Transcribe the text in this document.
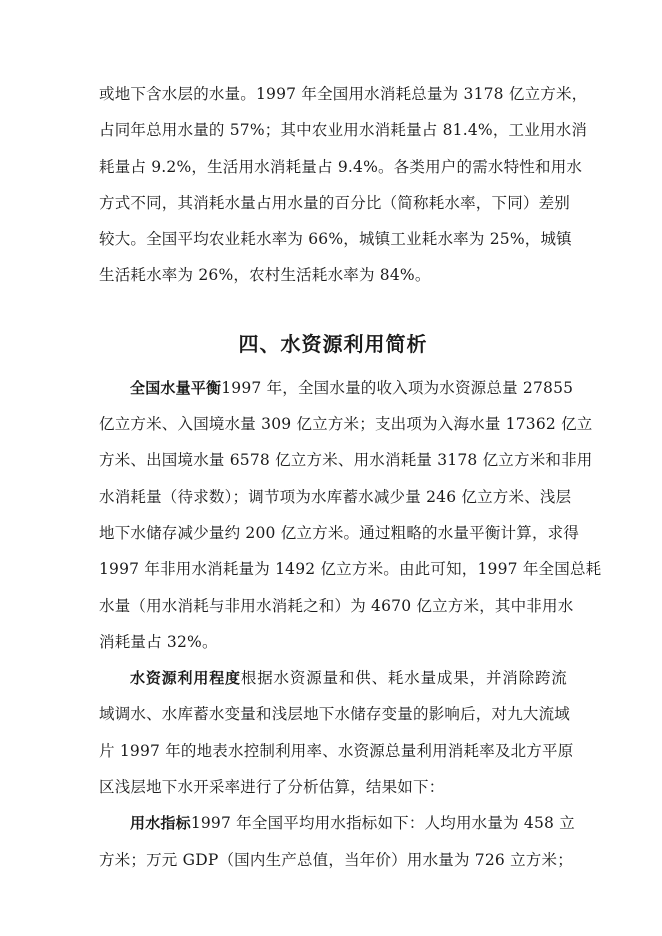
或地下含水层的水量。1997 年全国用水消耗总量为 3178 亿立方米，
占同年总用水量的 57%；其中农业用水消耗量占 81.4%，工业用水消
耗量占 9.2%，生活用水消耗量占 9.4%。各类用户的需水特性和用水
方式不同，其消耗水量占用水量的百分比（简称耗水率，下同）差别
较大。全国平均农业耗水率为 66%，城镇工业耗水率为 25%，城镇
生活耗水率为 26%，农村生活耗水率为 84%。
四、水资源利用简析
全国水量平衡1997 年，全国水量的收入项为水资源总量 27855
亿立方米、入国境水量 309 亿立方米；支出项为入海水量 17362 亿立
方米、出国境水量 6578 亿立方米、用水消耗量 3178 亿立方米和非用
水消耗量（待求数）；调节项为水库蓄水减少量 246 亿立方米、浅层
地下水储存减少量约 200 亿立方米。通过粗略的水量平衡计算，求得
1997 年非用水消耗量为 1492 亿立方米。由此可知，1997 年全国总耗
水量（用水消耗与非用水消耗之和）为 4670 亿立方米，其中非用水
消耗量占 32%。
水资源利用程度根据水资源量和供、耗水量成果，并消除跨流
域调水、水库蓄水变量和浅层地下水储存变量的影响后，对九大流域
片 1997 年的地表水控制利用率、水资源总量利用消耗率及北方平原
区浅层地下水开采率进行了分析估算，结果如下：
用水指标1997 年全国平均用水指标如下：人均用水量为 458 立
方米；万元 GDP（国内生产总值，当年价）用水量为 726 立方米；
